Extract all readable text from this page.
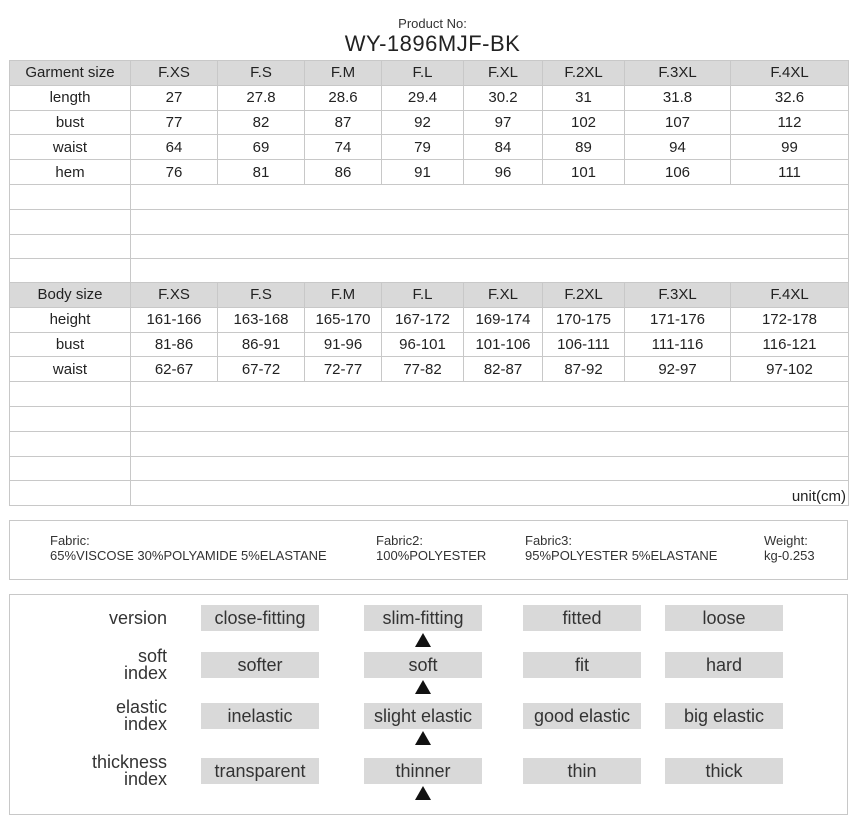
Product No:
WY-1896MJF-BK
Garment size	F.XS	F.S	F.M	F.L	F.XL	F.2XL	F.3XL	F.4XL
length	27	27.8	28.6	29.4	30.2	31	31.8	32.6
bust	77	82	87	92	97	102	107	112
waist	64	69	74	79	84	89	94	99
hem	76	81	86	91	96	101	106	111

Body size	F.XS	F.S	F.M	F.L	F.XL	F.2XL	F.3XL	F.4XL
height	161-166	163-168	165-170	167-172	169-174	170-175	171-176	172-178
bust	81-86	86-91	91-96	96-101	101-106	106-111	111-116	116-121
waist	62-67	67-72	72-77	77-82	82-87	87-92	92-97	97-102

	unit(cm)							
Fabric:
65%VISCOSE 30%POLYAMIDE 5%ELASTANE
Fabric2:
100%POLYESTER
Fabric3:
95%POLYESTER 5%ELASTANE
Weight:
kg-0.253
version	close-fitting	slim-fitting	fitted	loose
soft
index	softer	soft	fit	hard
elastic
index	inelastic	slight elastic	good elastic	big elastic
thickness
index	transparent	thinner	thin	thick
